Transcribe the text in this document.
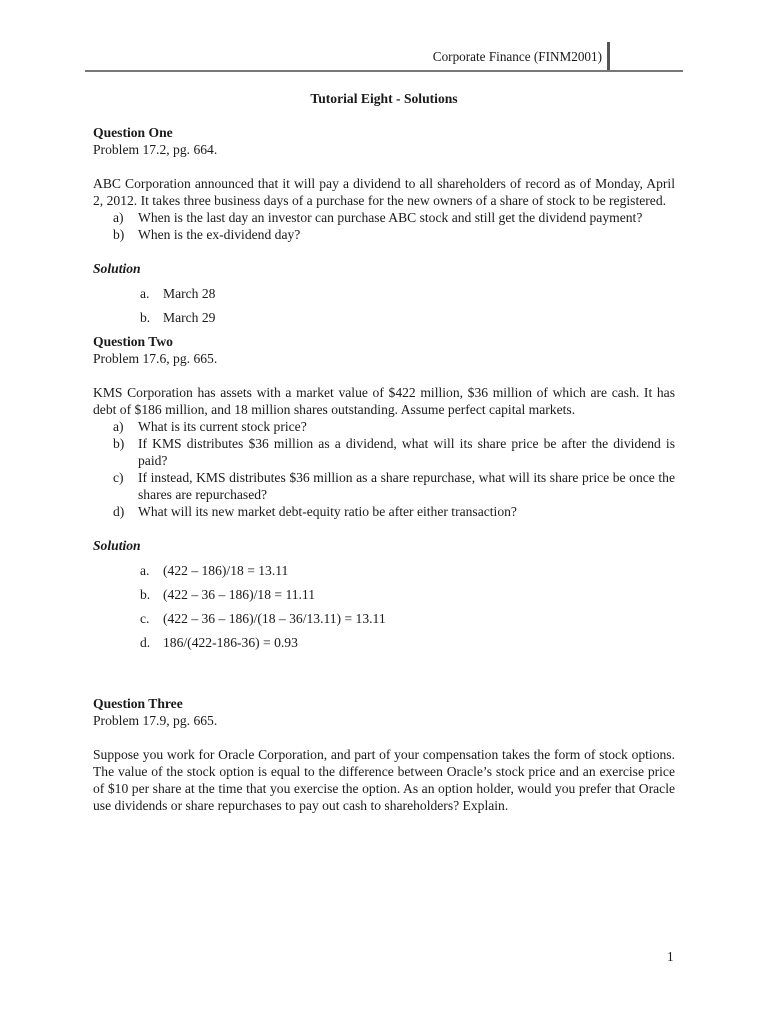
Corporate Finance (FINM2001)
Tutorial Eight - Solutions
Question One
Problem 17.2, pg. 664.

ABC Corporation announced that it will pay a dividend to all shareholders of record as of Monday, April 2, 2012. It takes three business days of a purchase for the new owners of a share of stock to be registered.

a) When is the last day an investor can purchase ABC stock and still get the dividend payment?
b) When is the ex-dividend day?
Solution
a. March 28
b. March 29
Question Two
Problem 17.6, pg. 665.

KMS Corporation has assets with a market value of $422 million, $36 million of which are cash. It has debt of $186 million, and 18 million shares outstanding. Assume perfect capital markets.

a) What is its current stock price?
b) If KMS distributes $36 million as a dividend, what will its share price be after the dividend is paid?
c) If instead, KMS distributes $36 million as a share repurchase, what will its share price be once the shares are repurchased?
d) What will its new market debt-equity ratio be after either transaction?
Solution
a. (422 – 186)/18 = 13.11
b. (422 – 36 – 186)/18 = 11.11
c. (422 – 36 – 186)/(18 – 36/13.11) = 13.11
d. 186/(422-186-36) = 0.93
Question Three
Problem 17.9, pg. 665.

Suppose you work for Oracle Corporation, and part of your compensation takes the form of stock options. The value of the stock option is equal to the difference between Oracle’s stock price and an exercise price of $10 per share at the time that you exercise the option. As an option holder, would you prefer that Oracle use dividends or share repurchases to pay out cash to shareholders? Explain.

1
